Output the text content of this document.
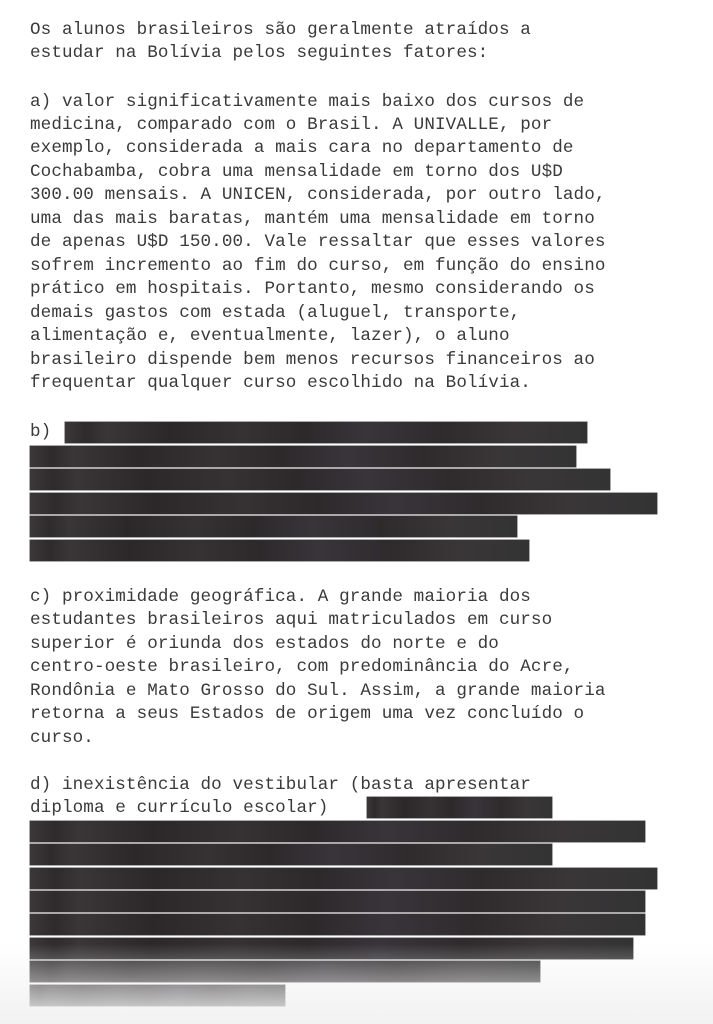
Os alunos brasileiros são geralmente atraídos a
estudar na Bolívia pelos seguintes fatores:
a) valor significativamente mais baixo dos cursos de
medicina, comparado com o Brasil. A UNIVALLE, por
exemplo, considerada a mais cara no departamento de
Cochabamba, cobra uma mensalidade em torno dos U$D
300.00 mensais. A UNICEN, considerada, por outro lado,
uma das mais baratas, mantém uma mensalidade em torno
de apenas U$D 150.00. Vale ressaltar que esses valores
sofrem incremento ao fim do curso, em função do ensino
prático em hospitais. Portanto, mesmo considerando os
demais gastos com estada (aluguel, transporte,
alimentação e, eventualmente, lazer), o aluno
brasileiro dispende bem menos recursos financeiros ao
frequentar qualquer curso escolhido na Bolívia.
b)
c) proximidade geográfica. A grande maioria dos
estudantes brasileiros aqui matriculados em curso
superior é oriunda dos estados do norte e do
centro-oeste brasileiro, com predominância do Acre,
Rondônia e Mato Grosso do Sul. Assim, a grande maioria
retorna a seus Estados de origem uma vez concluído o
curso.
d) inexistência do vestibular (basta apresentar
diploma e currículo escolar)
